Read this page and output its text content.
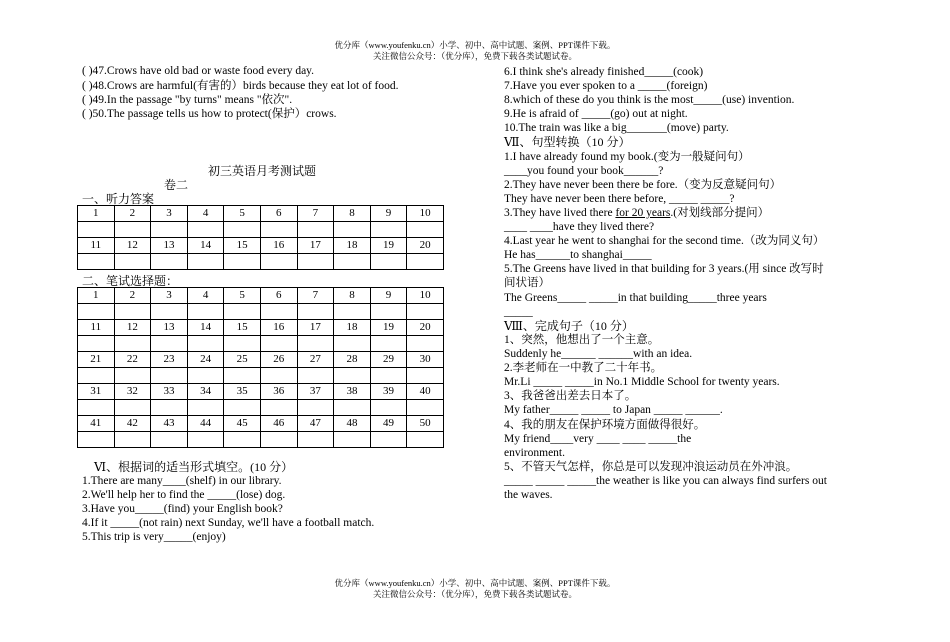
优分库（www.youfenku.cn）小学、初中、高中试题、案例、PPT课件下载。
关注微信公众号：（优分库），免费下载各类试题试卷。
( )47.Crows have old bad or waste food every day.
( )48.Crows are harmful(有害的）birds because they eat lot of food.
( )49.In the passage "by turns" means "依次".
( )50.The passage tells us how to protect(保护）crows.
初三英语月考测试题
卷二
一、听力答案
1	2	3	4	5	6	7	8	9	10

11	12	13	14	15	16	17	18	19	20

二、笔试选择题：
1	2	3	4	5	6	7	8	9	10

11	12	13	14	15	16	17	18	19	20

21	22	23	24	25	26	27	28	29	30

31	32	33	34	35	36	37	38	39	40

41	42	43	44	45	46	47	48	49	50

Ⅵ、根据词的适当形式填空。(10 分）
1.There are many____(shelf) in our library.
2.We'll help her to find the _____(lose) dog.
3.Have you_____(find) your English book?
4.If it _____(not rain) next Sunday, we'll have a football match.
5.This trip is very_____(enjoy)
6.I think she's already finished_____(cook)
7.Have you ever spoken to a _____(foreign)
8.which of these do you think is the most_____(use) invention.
9.He is afraid of _____(go) out at night.
10.The train was like a big_______(move) party.
Ⅶ、句型转换（10 分）
1.I have already found my book.(变为一般疑问句）
____you found your book______?
2.They have never been there be fore.（变为反意疑问句）
They have never been there before, _____ _____?
3.They have lived there for 20 years.(对划线部分提问）
____ ____have they lived there?
4.Last year he went to shanghai for the second time.（改为同义句）
He has______to shanghai_____
5.The Greens have lived in that building for 3 years.(用 since 改写时
间状语）
The Greens_____ _____in that building_____three years
_____
Ⅷ、完成句子（10 分）
1、突然，他想出了一个主意。
Suddenly he______ ______with an idea.
2.李老师在一中教了二十年书。
Mr.Li _____ _____in No.1 Middle School for twenty years.
3、我爸爸出差去日本了。
My father_____ _____ to Japan _____ ______.
4、我的朋友在保护环境方面做得很好。
My friend____very ____ ____ _____the
environment.
5、不管天气怎样，你总是可以发现冲浪运动员在外冲浪。
_____ _____ _____the weather is like you can always find surfers out
the waves.
优分库（www.youfenku.cn）小学、初中、高中试题、案例、PPT课件下载。
关注微信公众号：（优分库），免费下载各类试题试卷。
